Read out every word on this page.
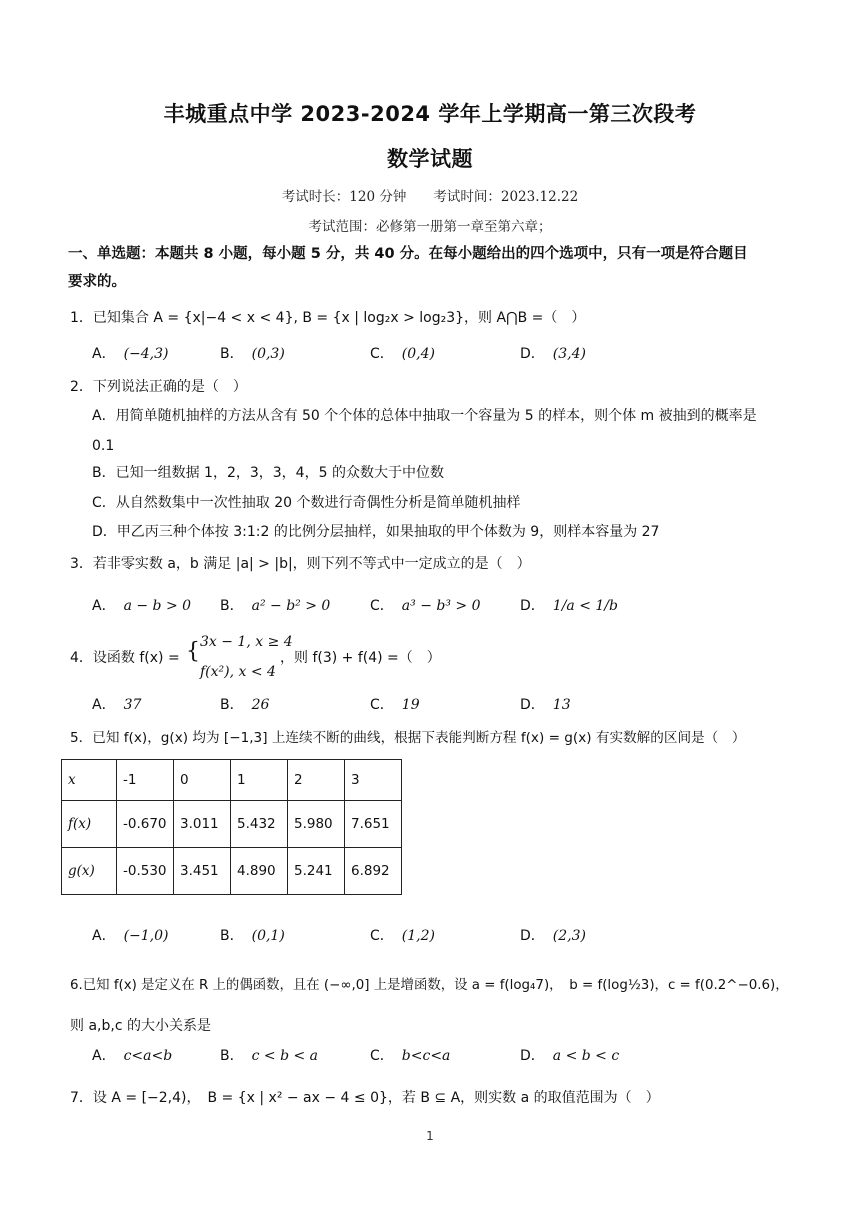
丰城重点中学 2023-2024 学年上学期高一第三次段考
数学试题
考试时长：120 分钟　　考试时间：2023.12.22
考试范围：必修第一册第一章至第六章；
一、单选题：本题共 8 小题，每小题 5 分，共 40 分。在每小题给出的四个选项中，只有一项是符合题目
要求的。
1．已知集合 A = {x|−4 < x < 4}, B = {x | log₂x > log₂3}，则 A⋂B =（　）
A． (−4,3)	B． (0,3)	C． (0,4)	D． (3,4)
2．下列说法正确的是（　）
A．用简单随机抽样的方法从含有 50 个个体的总体中抽取一个容量为 5 的样本，则个体 m 被抽到的概率是
0.1
B．已知一组数据 1，2，3，3，4，5 的众数大于中位数
C．从自然数集中一次性抽取 20 个数进行奇偶性分析是简单随机抽样
D．甲乙丙三种个体按 3:1:2 的比例分层抽样，如果抽取的甲个体数为 9，则样本容量为 27
3．若非零实数 a，b 满足 |a| > |b|，则下列不等式中一定成立的是（　）
A． a − b > 0 B． a² − b² > 0	C． a³ − b³ > 0	D． 1/a < 1/b
4．设函数 f(x) = { 3x − 1, x ≥ 4
f(x²), x < 4
，则 f(3) + f(4) =（　）
A． 37	B． 26	C． 19	D． 13
5．已知 f(x)，g(x) 均为 [−1,3] 上连续不断的曲线，根据下表能判断方程 f(x) = g(x) 有实数解的区间是（　）
x	-1	0	1	2	3
f(x)	-0.670	3.011	5.432	5.980	7.651
g(x)	-0.530	3.451	4.890	5.241	6.892
A． (−1,0)	B． (0,1)	C． (1,2)	D． (2,3)
6.已知 f(x) 是定义在 R 上的偶函数，且在 (−∞,0] 上是增函数，设 a = f(log₄7)，　b = f(log½3)，c = f(0.2^−0.6)，
则 a,b,c 的大小关系是
A． c<a<b	B． c < b < a	C． b<c<a	D． a < b < c
7．设 A = [−2,4)，　B = {x | x² − ax − 4 ≤ 0}，若 B ⊆ A，则实数 a 的取值范围为（　）
1
